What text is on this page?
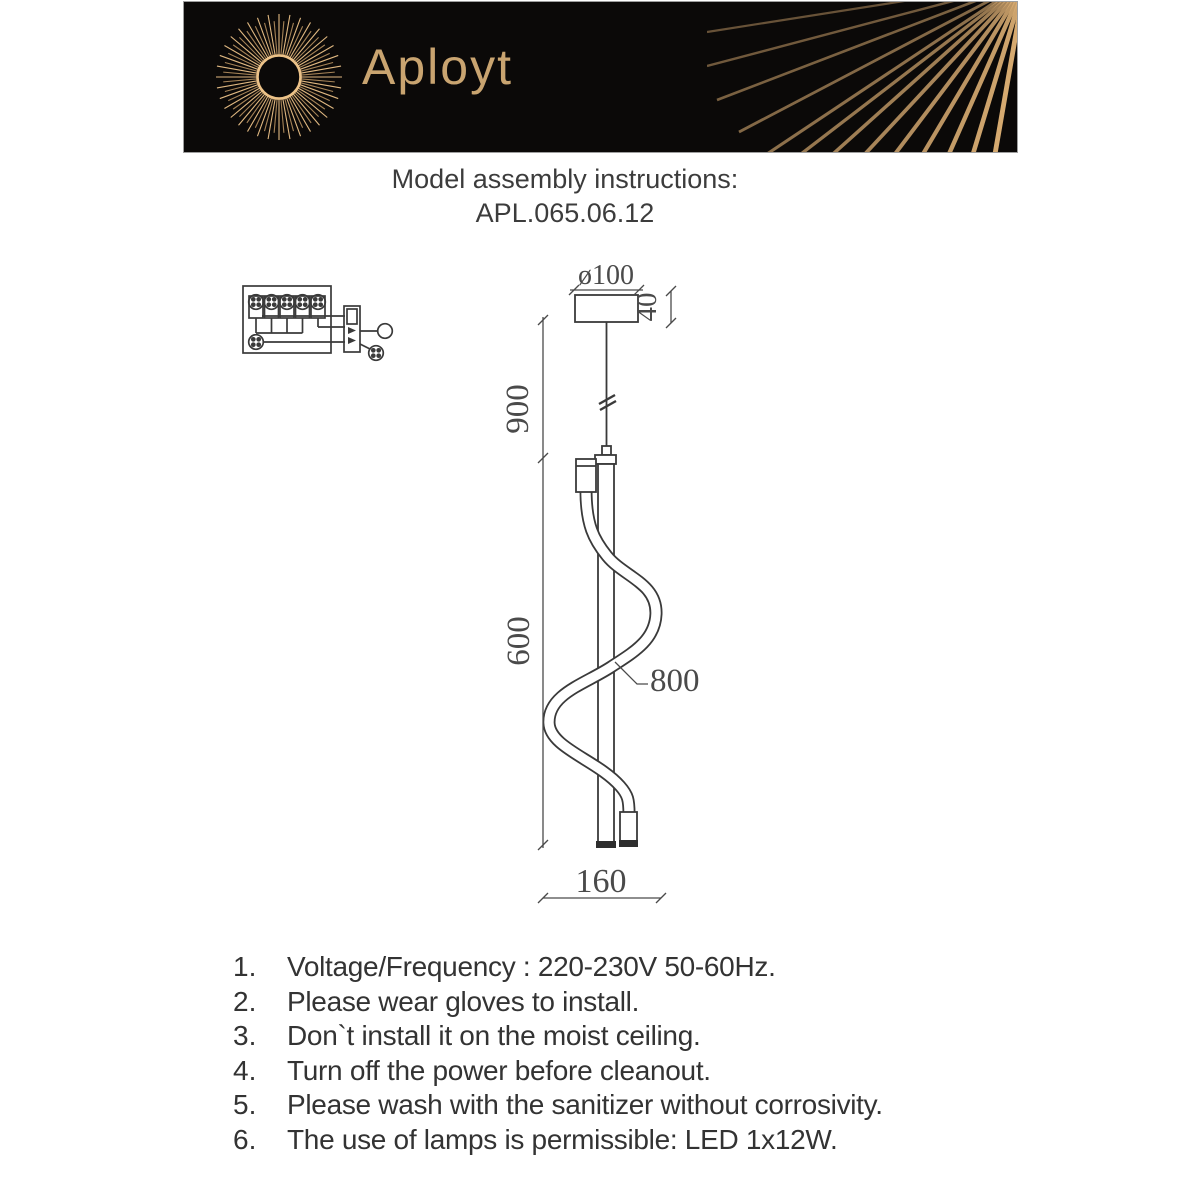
Aployt
Model assembly instructions:
APL.065.06.12
ø100
40
900
600
800
160
1.	Voltage/Frequency : 220-230V 50-60Hz.
2.	Please wear gloves to install.
3.	Don`t install it on the moist ceiling.
4.	Turn off the power before cleanout.
5.	Please wash with the sanitizer without corrosivity.
6.	The use of lamps is permissible: LED 1x12W.
